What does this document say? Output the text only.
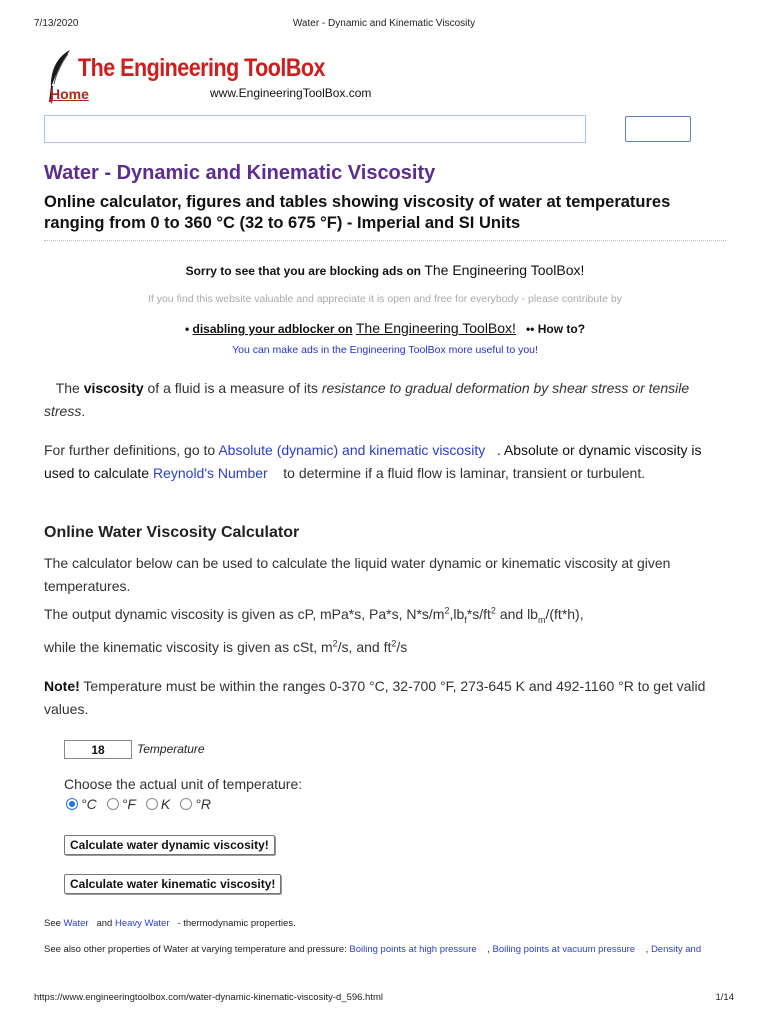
7/13/2020	Water - Dynamic and Kinematic Viscosity
The Engineering ToolBox
Home	www.EngineeringToolBox.com
Water - Dynamic and Kinematic Viscosity
Online calculator, figures and tables showing viscosity of water at temperatures ranging from 0 to 360 °C (32 to 675 °F) - Imperial and SI Units
Sorry to see that you are blocking ads on The Engineering ToolBox!
If you find this website valuable and appreciate it is open and free for everybody - please contribute by
• disabling your adblocker on The Engineering ToolBox! •• How to?
You can make ads in the Engineering ToolBox more useful to you!

The viscosity of a fluid is a measure of its resistance to gradual deformation by shear stress or tensile stress.

For further definitions, go to Absolute (dynamic) and kinematic viscosity . Absolute or dynamic viscosity is used to calculate Reynold's Number to determine if a fluid flow is laminar, transient or turbulent.

Online Water Viscosity Calculator

The calculator below can be used to calculate the liquid water dynamic or kinematic viscosity at given temperatures.

The output dynamic viscosity is given as cP, mPa*s, Pa*s, $N*s/m^2,lb_f*s/ft^2$ and $lb_m/(ft*h)$,

while the kinematic viscosity is given as cSt, $m^2/s$, and $ft^2/s$

Note! Temperature must be within the ranges 0-370 °C, 32-700 °F, 273-645 K and 492-1160 °R to get valid values.

18
Temperature
Choose the actual unit of temperature:
°C °F K °R
Calculate water dynamic viscosity!
Calculate water kinematic viscosity!
See Water and Heavy Water - thermodynamic properties.
See also other properties of Water at varying temperature and pressure: Boiling points at high pressure , Boiling points at vacuum pressure , Density and
https://www.engineeringtoolbox.com/water-dynamic-kinematic-viscosity-d_596.html	1/14
